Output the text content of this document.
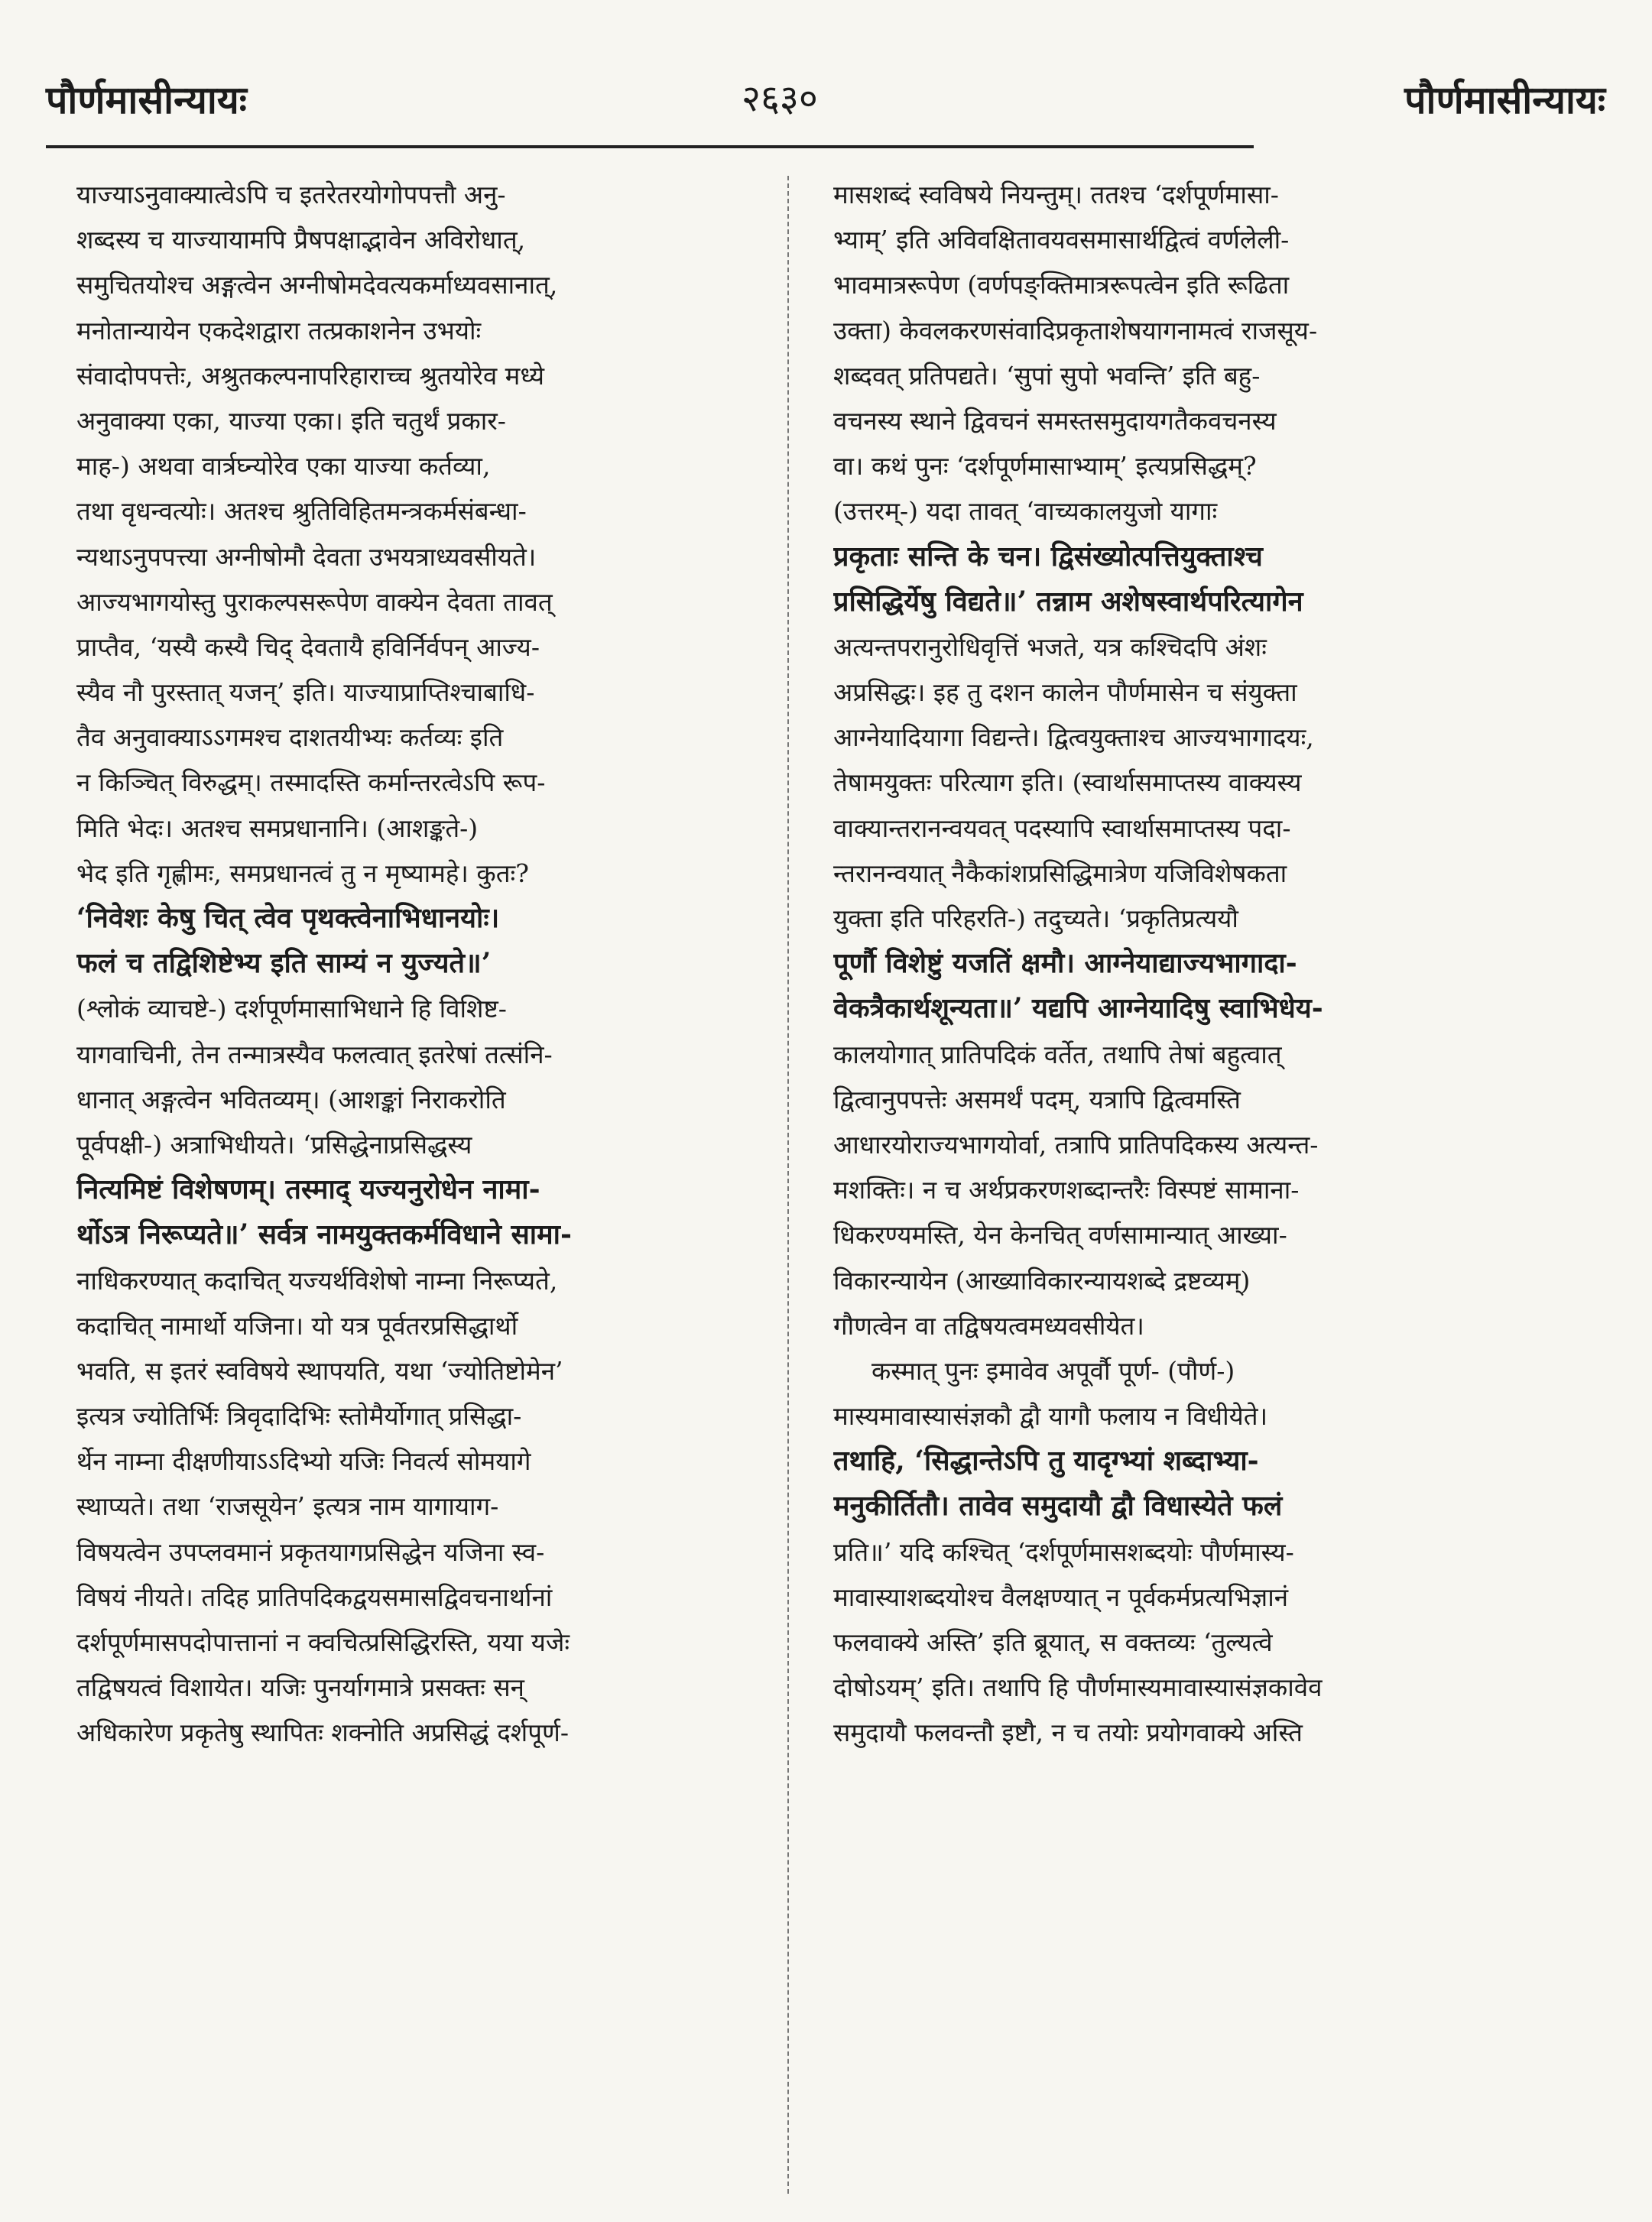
पौर्णमासीन्यायः	२६३०	पौर्णमासीन्यायः
याज्याऽनुवाक्यात्वेऽपि च इतरेतरयोगोपपत्तौ अनु-
शब्दस्य च याज्यायामपि प्रैषपक्षाद्भावेन अविरोधात्,
समुचितयोश्च अङ्गत्वेन अग्नीषोमदेवत्यकर्माध्यवसानात्,
मनोतान्यायेन एकदेशद्वारा तत्प्रकाशनेन उभयोः
संवादोपपत्तेः, अश्रुतकल्पनापरिहाराच्च श्रुतयोरेव मध्ये
अनुवाक्या एका, याज्या एका। इति चतुर्थं प्रकार-
माह-) अथवा वार्त्रघ्न्योरेव एका याज्या कर्तव्या,
तथा वृधन्वत्योः। अतश्च श्रुतिविहितमन्त्रकर्मसंबन्धा-
न्यथाऽनुपपत्त्या अग्नीषोमौ देवता उभयत्राध्यवसीयते।
आज्यभागयोस्तु पुराकल्पसरूपेण वाक्येन देवता तावत्
प्राप्तैव, ‘यस्यै कस्यै चिद् देवतायै हविर्निर्वपन् आज्य-
स्यैव नौ पुरस्तात् यजन्’ इति। याज्याप्राप्तिश्चाबाधि-
तैव अनुवाक्याऽऽगमश्च दाशतयीभ्यः कर्तव्यः इति
न किञ्चित् विरुद्धम्। तस्मादस्ति कर्मान्तरत्वेऽपि रूप-
मिति भेदः। अतश्च समप्रधानानि। (आशङ्कते-)
भेद इति गृह्णीमः, समप्रधानत्वं तु न मृष्यामहे। कुतः?
‘निवेशः केषु चित् त्वेव पृथक्त्वेनाभिधानयोः।
फलं च तद्विशिष्टेभ्य इति साम्यं न युज्यते॥’
(श्लोकं व्याचष्टे-) दर्शपूर्णमासाभिधाने हि विशिष्ट-
यागवाचिनी, तेन तन्मात्रस्यैव फलत्वात् इतरेषां तत्संनि-
धानात् अङ्गत्वेन भवितव्यम्। (आशङ्कां निराकरोति
पूर्वपक्षी-) अत्राभिधीयते। ‘प्रसिद्धेनाप्रसिद्धस्य
नित्यमिष्टं विशेषणम्। तस्माद् यज्यनुरोधेन नामा-
र्थोऽत्र निरूप्यते॥’ सर्वत्र नामयुक्तकर्मविधाने सामा-
नाधिकरण्यात् कदाचित् यज्यर्थविशेषो नाम्ना निरूप्यते,
कदाचित् नामार्थो यजिना। यो यत्र पूर्वतरप्रसिद्धार्थो
भवति, स इतरं स्वविषये स्थापयति, यथा ‘ज्योतिष्टोमेन’
इत्यत्र ज्योतिर्भिः त्रिवृदादिभिः स्तोमैर्योगात् प्रसिद्धा-
र्थेन नाम्ना दीक्षणीयाऽऽदिभ्यो यजिः निवर्त्य सोमयागे
स्थाप्यते। तथा ‘राजसूयेन’ इत्यत्र नाम यागायाग-
विषयत्वेन उपप्लवमानं प्रकृतयागप्रसिद्धेन यजिना स्व-
विषयं नीयते। तदिह प्रातिपदिकद्वयसमासद्विवचनार्थानां
दर्शपूर्णमासपदोपात्तानां न क्वचित्प्रसिद्धिरस्ति, यया यजेः
तद्विषयत्वं विशायेत। यजिः पुनर्यागमात्रे प्रसक्तः सन्
अधिकारेण प्रकृतेषु स्थापितः शक्नोति अप्रसिद्धं दर्शपूर्ण-
मासशब्दं स्वविषये नियन्तुम्। ततश्च ‘दर्शपूर्णमासा-
भ्याम्’ इति अविवक्षितावयवसमासार्थद्वित्वं वर्णलेली-
भावमात्ररूपेण (वर्णपङ्क्तिमात्ररूपत्वेन इति रूढिता
उक्ता) केवलकरणसंवादिप्रकृताशेषयागनामत्वं राजसूय-
शब्दवत् प्रतिपद्यते। ‘सुपां सुपो भवन्ति’ इति बहु-
वचनस्य स्थाने द्विवचनं समस्तसमुदायगतैकवचनस्य
वा। कथं पुनः ‘दर्शपूर्णमासाभ्याम्’ इत्यप्रसिद्धम्?
(उत्तरम्-) यदा तावत् ‘वाच्यकालयुजो यागाः
प्रकृताः सन्ति के चन। द्विसंख्योत्पत्तियुक्ताश्च
प्रसिद्धिर्येषु विद्यते॥’ तन्नाम अशेषस्वार्थपरित्यागेन
अत्यन्तपरानुरोधिवृत्तिं भजते, यत्र कश्चिदपि अंशः
अप्रसिद्धः। इह तु दशन कालेन पौर्णमासेन च संयुक्ता
आग्नेयादियागा विद्यन्ते। द्वित्वयुक्ताश्च आज्यभागादयः,
तेषामयुक्तः परित्याग इति। (स्वार्थासमाप्तस्य वाक्यस्य
वाक्यान्तरानन्वयवत् पदस्यापि स्वार्थासमाप्तस्य पदा-
न्तरानन्वयात् नैकैकांशप्रसिद्धिमात्रेण यजिविशेषकता
युक्ता इति परिहरति-) तदुच्यते। ‘प्रकृतिप्रत्ययौ
पूर्णौ विशेष्टुं यजतिं क्षमौ। आग्नेयाद्याज्यभागादा-
वेकत्रैकार्थशून्यता॥’ यद्यपि आग्नेयादिषु स्वाभिधेय-
कालयोगात् प्रातिपदिकं वर्तेत, तथापि तेषां बहुत्वात्
द्वित्वानुपपत्तेः असमर्थं पदम्, यत्रापि द्वित्वमस्ति
आधारयोराज्यभागयोर्वा, तत्रापि प्रातिपदिकस्य अत्यन्त-
मशक्तिः। न च अर्थप्रकरणशब्दान्तरैः विस्पष्टं सामाना-
धिकरण्यमस्ति, येन केनचित् वर्णसामान्यात् आख्या-
विकारन्यायेन (आख्याविकारन्यायशब्दे द्रष्टव्यम्)
गौणत्वेन वा तद्विषयत्वमध्यवसीयेत।
कस्मात् पुनः इमावेव अपूर्वौ पूर्ण- (पौर्ण-)
मास्यमावास्यासंज्ञकौ द्वौ यागौ फलाय न विधीयेते।
तथाहि, ‘सिद्धान्तेऽपि तु यादृग्भ्यां शब्दाभ्या-
मनुकीर्तितौ। तावेव समुदायौ द्वौ विधास्येते फलं
प्रति॥’ यदि कश्चित् ‘दर्शपूर्णमासशब्दयोः पौर्णमास्य-
मावास्याशब्दयोश्च वैलक्षण्यात् न पूर्वकर्मप्रत्यभिज्ञानं
फलवाक्ये अस्ति’ इति ब्रूयात्, स वक्तव्यः ‘तुल्यत्वे
दोषोऽयम्’ इति। तथापि हि पौर्णमास्यमावास्यासंज्ञकावेव
समुदायौ फलवन्तौ इष्टौ, न च तयोः प्रयोगवाक्ये अस्ति
